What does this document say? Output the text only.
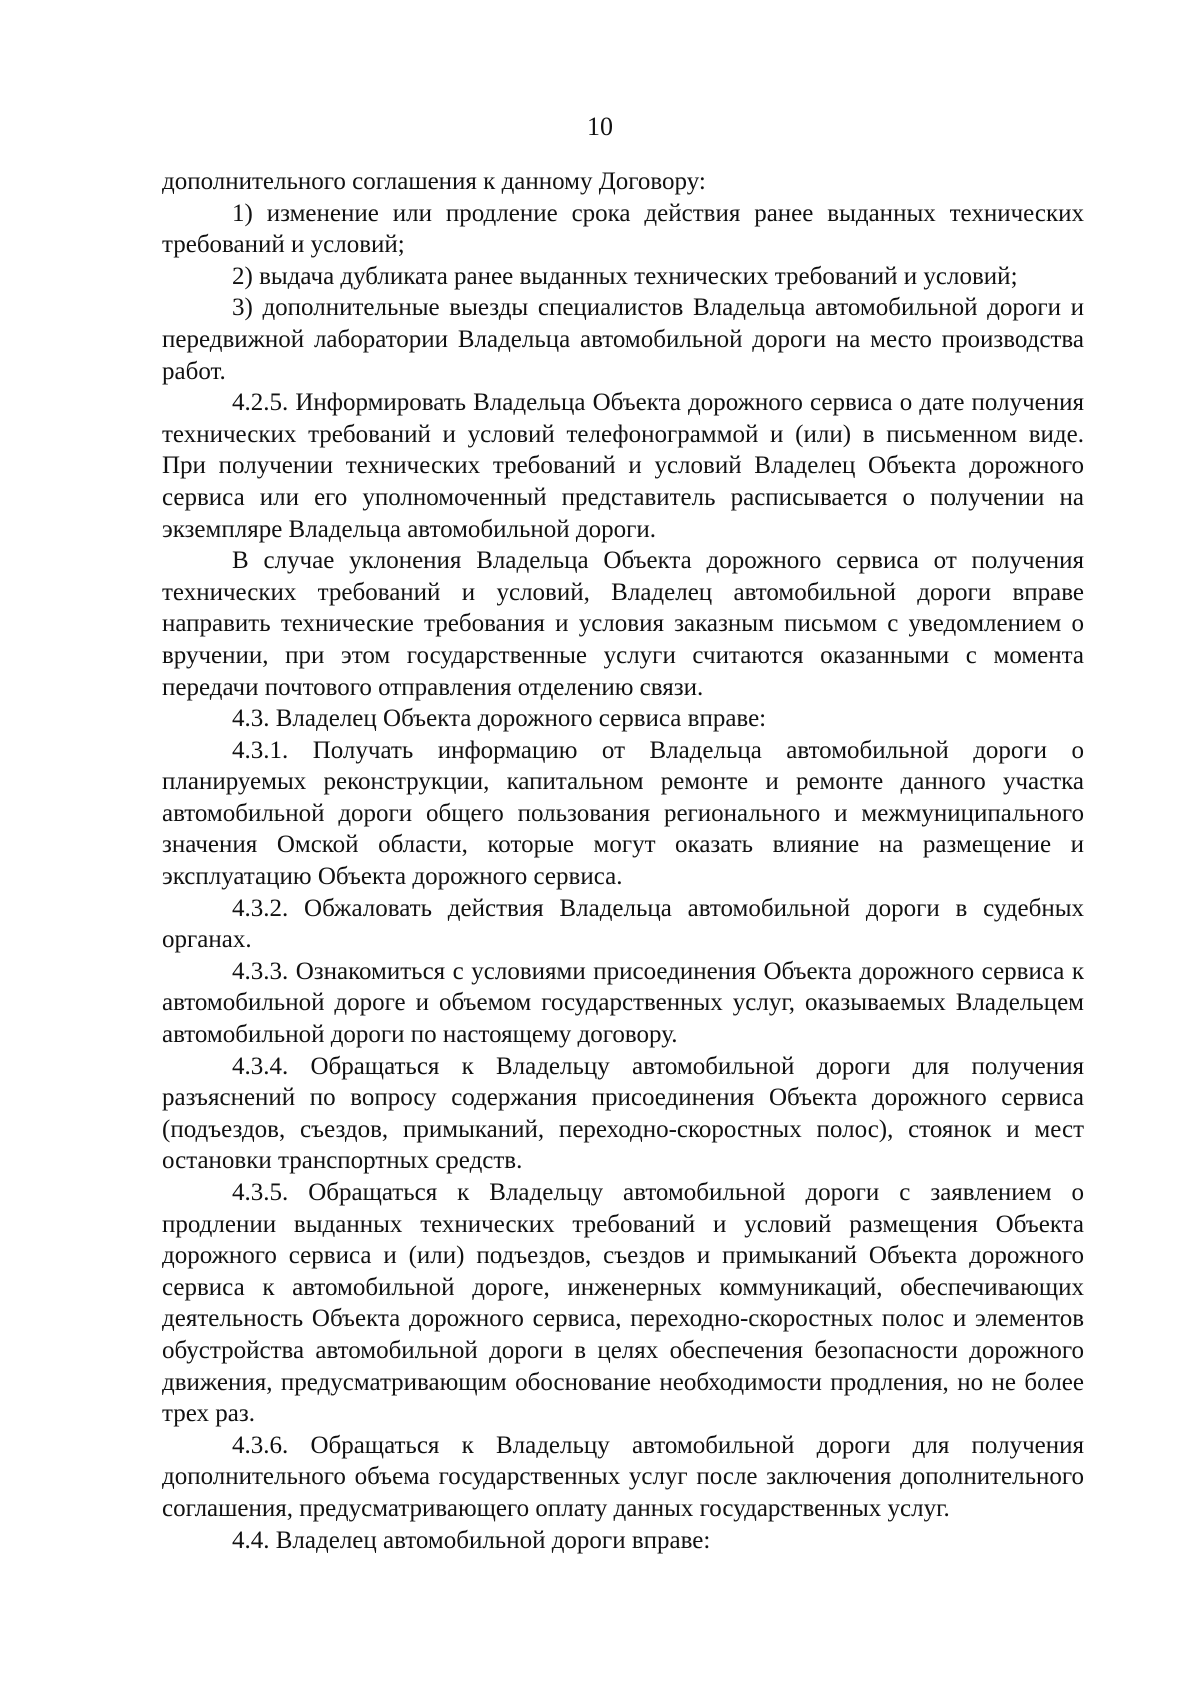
10

дополнительного соглашения к данному Договору:

1) изменение или продление срока действия ранее выданных технических требований и условий;

2) выдача дубликата ранее выданных технических требований и условий;

3) дополнительные выезды специалистов Владельца автомобильной дороги и передвижной лаборатории Владельца автомобильной дороги на место производства работ.

4.2.5. Информировать Владельца Объекта дорожного сервиса о дате получения технических требований и условий телефонограммой и (или) в письменном виде. При получении технических требований и условий Владелец Объекта дорожного сервиса или его уполномоченный представитель расписывается о получении на экземпляре Владельца автомобильной дороги.

В случае уклонения Владельца Объекта дорожного сервиса от получения технических требований и условий, Владелец автомобильной дороги вправе направить технические требования и условия заказным письмом с уведомлением о вручении, при этом государственные услуги считаются оказанными с момента передачи почтового отправления отделению связи.

4.3. Владелец Объекта дорожного сервиса вправе:

4.3.1. Получать информацию от Владельца автомобильной дороги о планируемых реконструкции, капитальном ремонте и ремонте данного участка автомобильной дороги общего пользования регионального и межмуниципального значения Омской области, которые могут оказать влияние на размещение и эксплуатацию Объекта дорожного сервиса.

4.3.2. Обжаловать действия Владельца автомобильной дороги в судебных органах.

4.3.3. Ознакомиться с условиями присоединения Объекта дорожного сервиса к автомобильной дороге и объемом государственных услуг, оказываемых Владельцем автомобильной дороги по настоящему договору.

4.3.4. Обращаться к Владельцу автомобильной дороги для получения разъяснений по вопросу содержания присоединения Объекта дорожного сервиса (подъездов, съездов, примыканий, переходно-скоростных полос), стоянок и мест остановки транспортных средств.

4.3.5. Обращаться к Владельцу автомобильной дороги с заявлением о продлении выданных технических требований и условий размещения Объекта дорожного сервиса и (или) подъездов, съездов и примыканий Объекта дорожного сервиса к автомобильной дороге, инженерных коммуникаций, обеспечивающих деятельность Объекта дорожного сервиса, переходно-скоростных полос и элементов обустройства автомобильной дороги в целях обеспечения безопасности дорожного движения, предусматривающим обоснование необходимости продления, но не более трех раз.

4.3.6. Обращаться к Владельцу автомобильной дороги для получения дополнительного объема государственных услуг после заключения дополнительного соглашения, предусматривающего оплату данных государственных услуг.

4.4. Владелец автомобильной дороги вправе:
